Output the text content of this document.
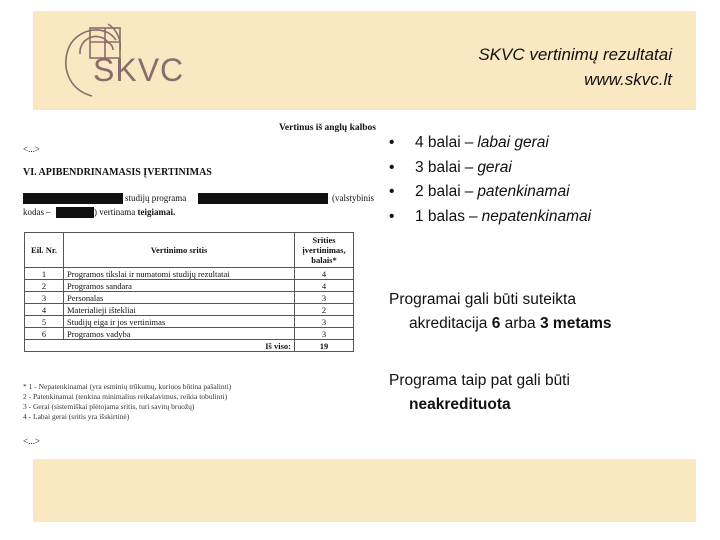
SKVC	SKVC vertinimų rezultatai
www.skvc.lt
Vertinus iš anglų kalbos
<...>
VI. APIBENDRINAMASIS ĮVERTINIMAS
studijų programa	(valstybinis
kodas –	) vertinama teigiamai.
Eil. Nr.	Vertinimo sritis	Srities įvertinimas, balais*
1	Programos tikslai ir numatomi studijų rezultatai	4
2	Programos sandara	4
3	Personalas	3
4	Materialieji ištekliai	2
5	Studijų eiga ir jos vertinimas	3
6	Programos vadyba	3
Iš viso:		19
* 1 - Nepatenkinamai (yra esminių trūkumų, kuriuos būtina pašalinti)
2 - Patenkinamai (tenkina minimalius reikalavimus, reikia tobulinti)
3 - Gerai (sistemiškai plėtojama sritis, turi savitų bruožų)
4 - Labai gerai (sritis yra išskirtinė)
<...>
• 4 balai – labai gerai
• 3 balai – gerai
• 2 balai – patenkinamai
• 1 balas – nepatenkinamai
Programai gali būti suteikta
akreditacija 6 arba 3 metams
Programa taip pat gali būti
neakredituota
